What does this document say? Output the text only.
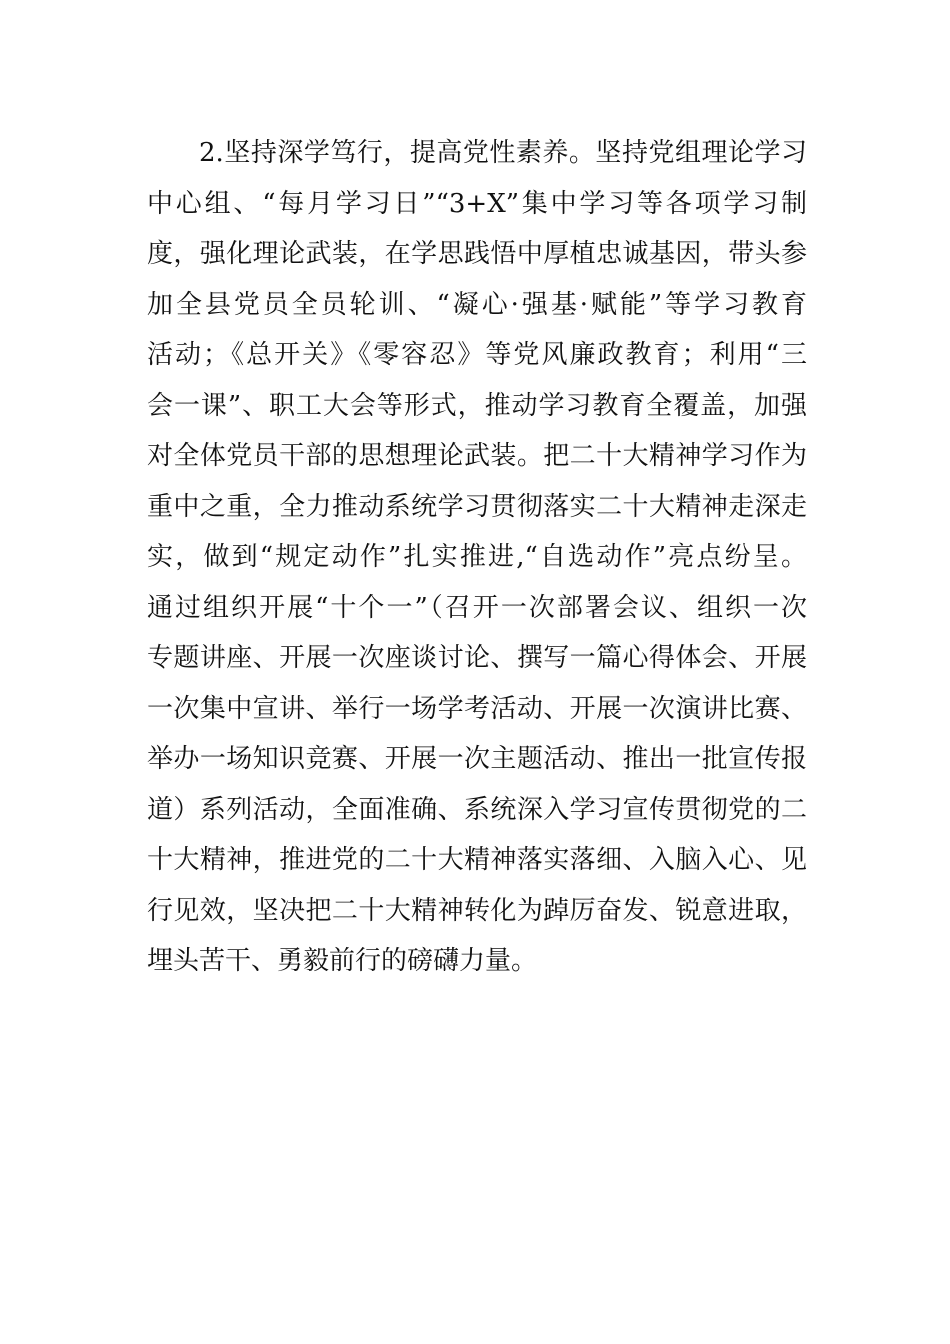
2.坚持深学笃行，提高党性素养。坚持党组理论学习
中心组、“每月学习日”“3+X”集中学习等各项学习制
度，强化理论武装，在学思践悟中厚植忠诚基因，带头参
加全县党员全员轮训、“凝心·强基·赋能”等学习教育
活动；《总开关》《零容忍》等党风廉政教育；利用“三
会一课”、职工大会等形式，推动学习教育全覆盖，加强
对全体党员干部的思想理论武装。把二十大精神学习作为
重中之重，全力推动系统学习贯彻落实二十大精神走深走
实，做到“规定动作”扎实推进,“自选动作”亮点纷呈。
通过组织开展“十个一”（召开一次部署会议、组织一次
专题讲座、开展一次座谈讨论、撰写一篇心得体会、开展
一次集中宣讲、举行一场学考活动、开展一次演讲比赛、
举办一场知识竞赛、开展一次主题活动、推出一批宣传报
道）系列活动，全面准确、系统深入学习宣传贯彻党的二
十大精神，推进党的二十大精神落实落细、入脑入心、见
行见效，坚决把二十大精神转化为踔厉奋发、锐意进取，
埋头苦干、勇毅前行的磅礴力量。
